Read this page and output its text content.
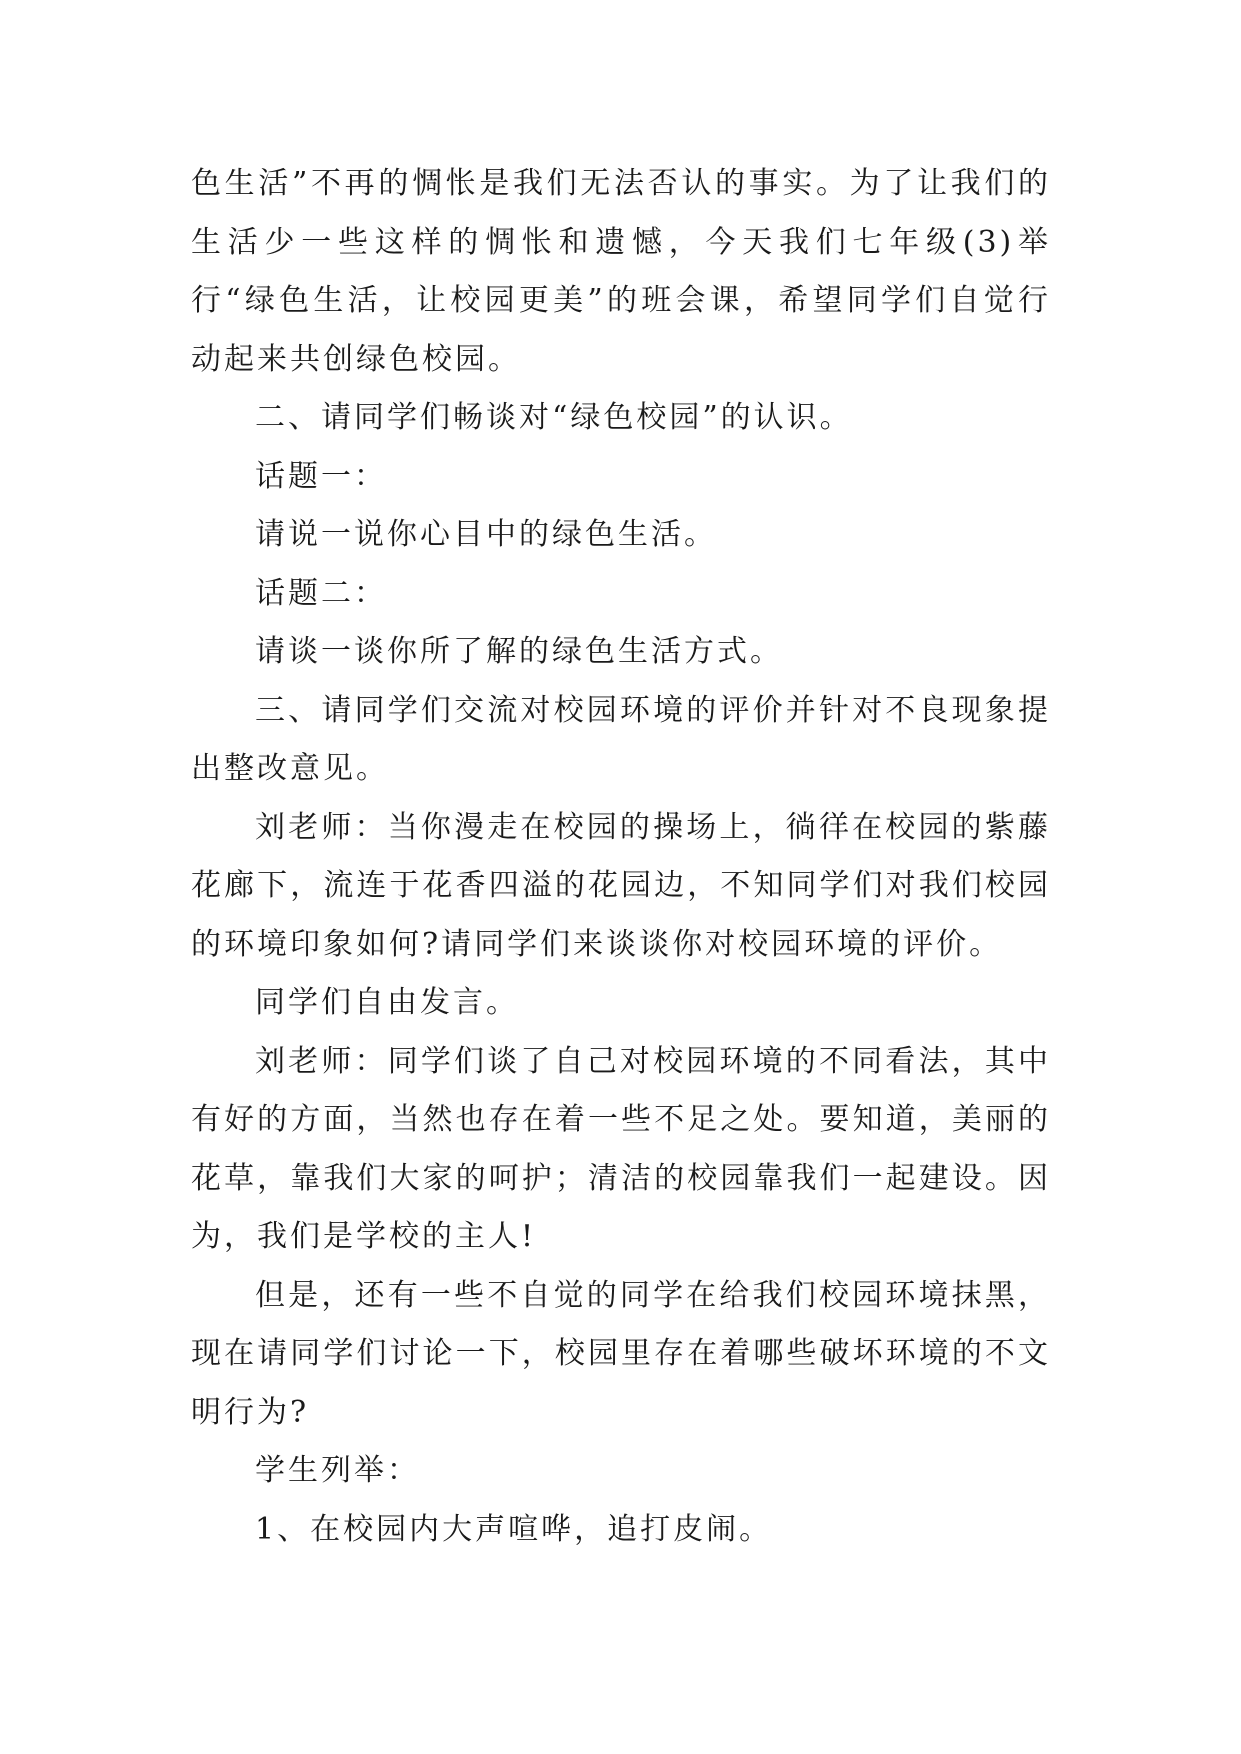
色生活”不再的惆怅是我们无法否认的事实。为了让我们的生活少一些这样的惆怅和遗憾，今天我们七年级(3)举行“绿色生活，让校园更美”的班会课，希望同学们自觉行动起来共创绿色校园。

二、请同学们畅谈对“绿色校园”的认识。

话题一：

请说一说你心目中的绿色生活。

话题二：

请谈一谈你所了解的绿色生活方式。

三、请同学们交流对校园环境的评价并针对不良现象提出整改意见。

刘老师：当你漫走在校园的操场上，徜徉在校园的紫藤花廊下，流连于花香四溢的花园边，不知同学们对我们校园的环境印象如何?请同学们来谈谈你对校园环境的评价。

同学们自由发言。

刘老师：同学们谈了自己对校园环境的不同看法，其中有好的方面，当然也存在着一些不足之处。要知道，美丽的花草，靠我们大家的呵护；清洁的校园靠我们一起建设。因为，我们是学校的主人!

但是，还有一些不自觉的同学在给我们校园环境抹黑，现在请同学们讨论一下，校园里存在着哪些破坏环境的不文明行为?

学生列举：

1、在校园内大声喧哗，追打皮闹。
